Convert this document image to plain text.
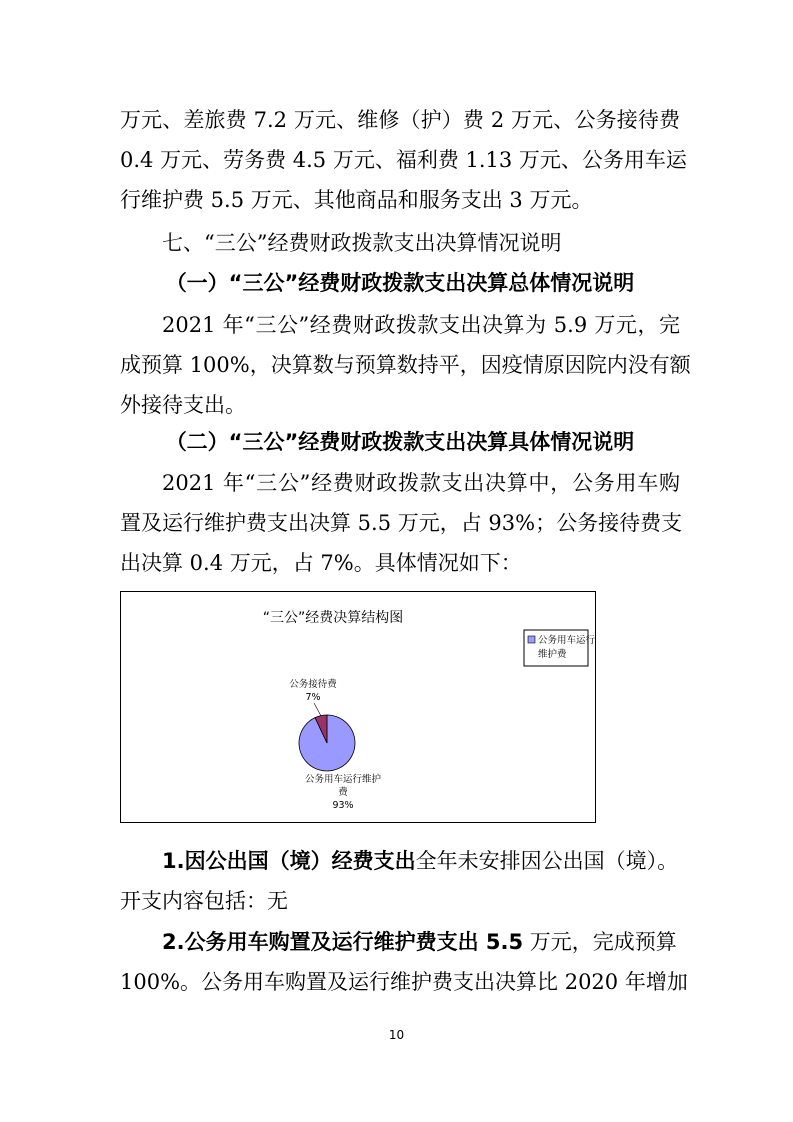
万元、差旅费 7.2 万元、维修（护）费 2 万元、公务接待费
0.4 万元、劳务费 4.5 万元、福利费 1.13 万元、公务用车运
行维护费 5.5 万元、其他商品和服务支出 3 万元。
七、“三公”经费财政拨款支出决算情况说明
（一）“三公”经费财政拨款支出决算总体情况说明
2021 年“三公”经费财政拨款支出决算为 5.9 万元，完
成预算 100%，决算数与预算数持平，因疫情原因院内没有额
外接待支出。
（二）“三公”经费财政拨款支出决算具体情况说明
2021 年“三公”经费财政拨款支出决算中，公务用车购
置及运行维护费支出决算 5.5 万元，占 93%；公务接待费支
出决算 0.4 万元，占 7%。具体情况如下：
“三公”经费决算结构图
公务接待费
7%
公务用车运行维护
费
93%
公务用车运行 维护费
1.因公出国（境）经费支出全年未安排因公出国（境）。
开支内容包括：无
2.公务用车购置及运行维护费支出 5.5 万元，完成预算
100%。公务用车购置及运行维护费支出决算比 2020 年增加
10
